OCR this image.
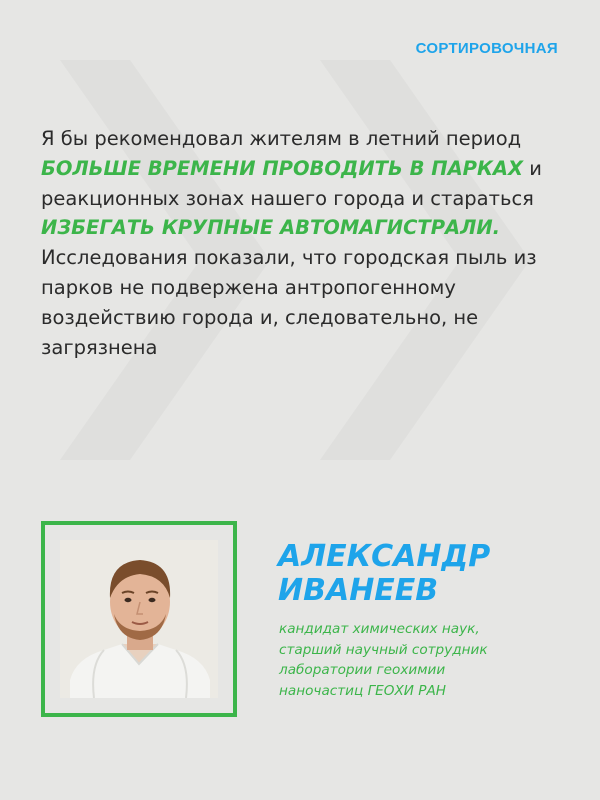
СОРТИРОВОЧНАЯ

Я бы рекомендовал жителям в летний период БОЛЬШЕ ВРЕМЕНИ ПРОВОДИТЬ В ПАРКАХ и реакционных зонах нашего города и стараться ИЗБЕГАТЬ КРУПНЫЕ АВТОМАГИСТРАЛИ. Исследования показали, что городская пыль из парков не подвержена антропогенному воздействию города и, следовательно, не загрязнена

АЛЕКСАНДР
ИВАНЕЕВ
кандидат химических наук,
старший научный сотрудник
лаборатории геохимии
наночастиц ГЕОХИ РАН
